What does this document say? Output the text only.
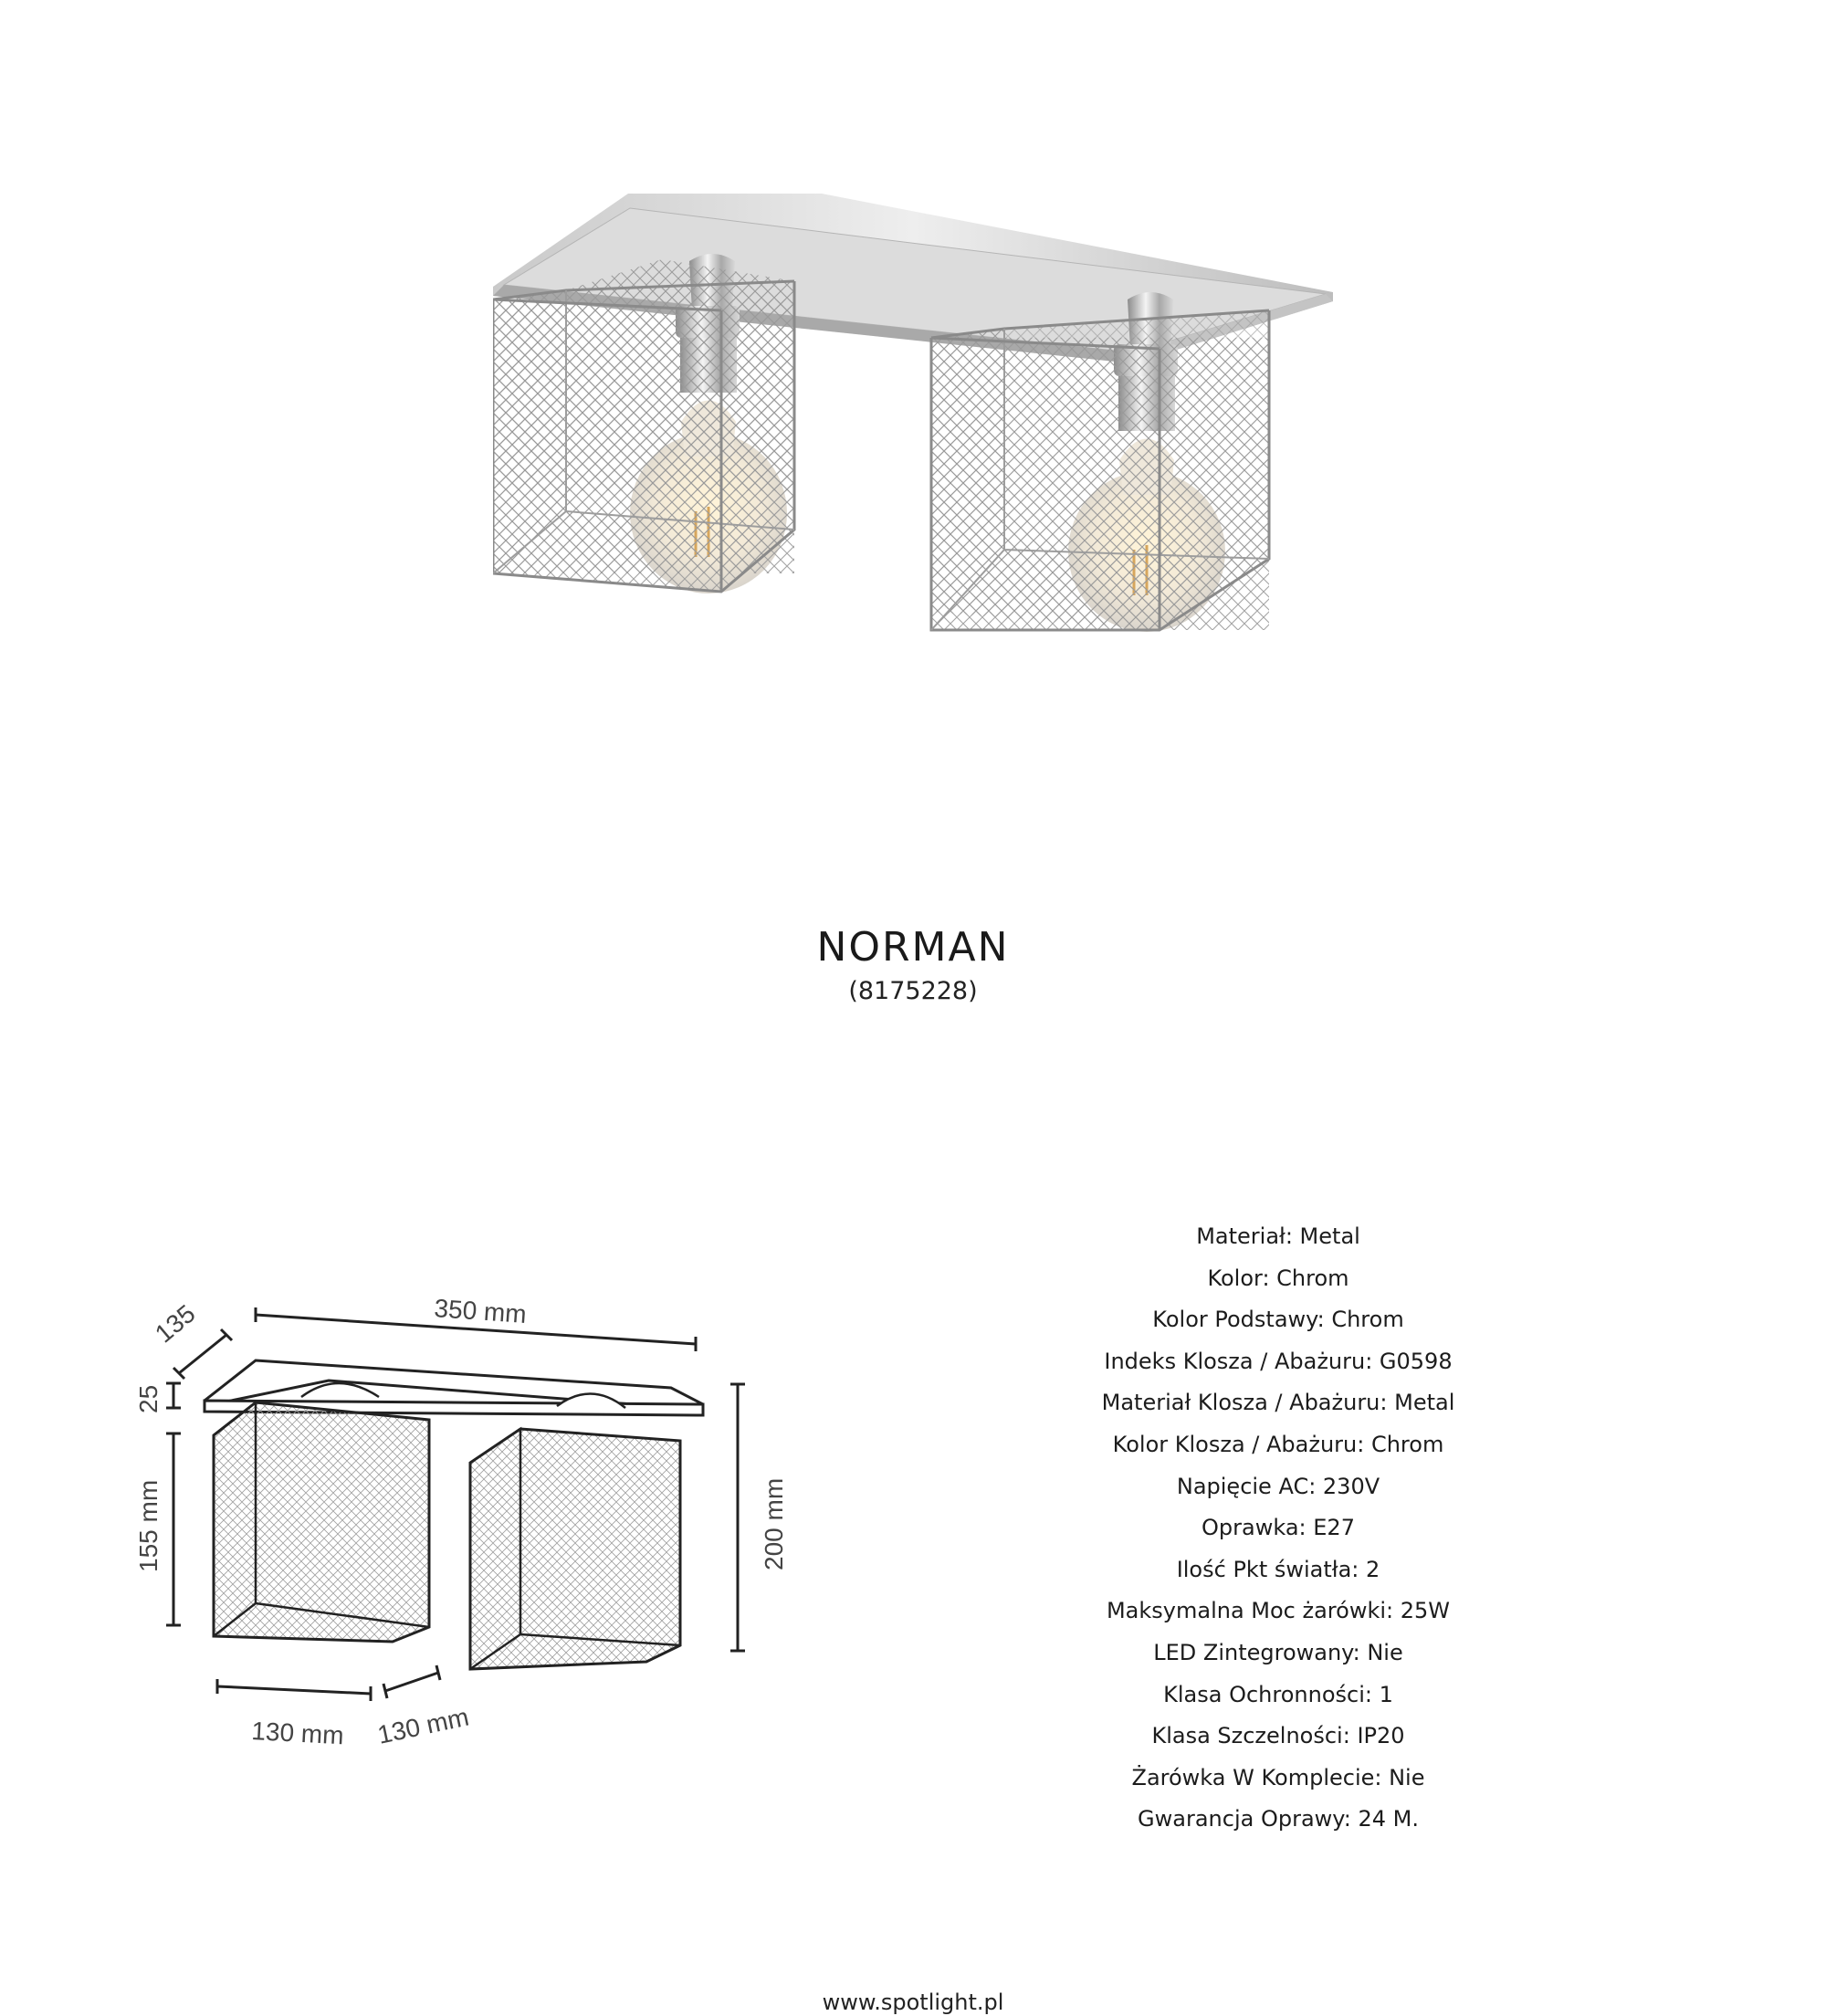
NORMAN
(8175228)
350 mm
135
25
155 mm	200 mm
130 mm 130 mm
Materiał: Metal
Kolor: Chrom
Kolor Podstawy: Chrom
Indeks Klosza / Abażuru: G0598
Materiał Klosza / Abażuru: Metal
Kolor Klosza / Abażuru: Chrom
Napięcie AC: 230V
Oprawka: E27
Ilość Pkt światła: 2
Maksymalna Moc żarówki: 25W
LED Zintegrowany: Nie
Klasa Ochronności: 1
Klasa Szczelności: IP20
Żarówka W Komplecie: Nie
Gwarancja Oprawy: 24 M.
www.spotlight.pl
